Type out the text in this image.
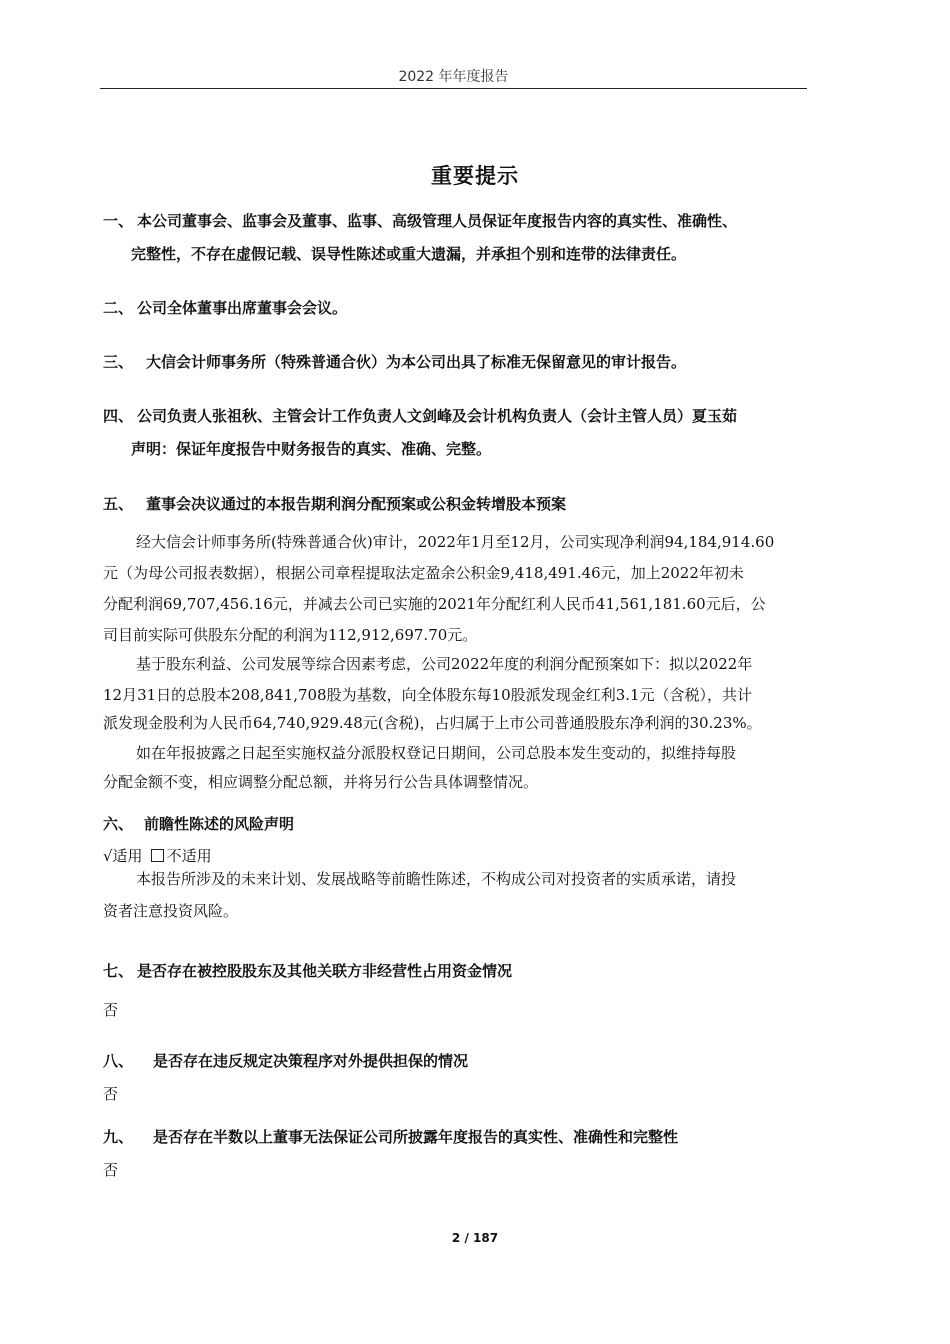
2022 年年度报告
重要提示
一、 本公司董事会、监事会及董事、监事、高级管理人员保证年度报告内容的真实性、准确性、
完整性，不存在虚假记载、误导性陈述或重大遗漏，并承担个别和连带的法律责任。
二、 公司全体董事出席董事会会议。
三、 大信会计师事务所（特殊普通合伙）为本公司出具了标准无保留意见的审计报告。
四、 公司负责人张祖秋、主管会计工作负责人文剑峰及会计机构负责人（会计主管人员）夏玉茹
声明：保证年度报告中财务报告的真实、准确、完整。
五、 董事会决议通过的本报告期利润分配预案或公积金转增股本预案
经大信会计师事务所(特殊普通合伙)审计，2022年1月至12月，公司实现净利润94,184,914.60
元（为母公司报表数据），根据公司章程提取法定盈余公积金9,418,491.46元，加上2022年初未
分配利润69,707,456.16元，并减去公司已实施的2021年分配红利人民币41,561,181.60元后，公
司目前实际可供股东分配的利润为112,912,697.70元。
基于股东利益、公司发展等综合因素考虑，公司2022年度的利润分配预案如下：拟以2022年
12月31日的总股本208,841,708股为基数，向全体股东每10股派发现金红利3.1元（含税），共计
派发现金股利为人民币64,740,929.48元(含税)，占归属于上市公司普通股股东净利润的30.23%。
如在年报披露之日起至实施权益分派股权登记日期间，公司总股本发生变动的，拟维持每股
分配金额不变，相应调整分配总额，并将另行公告具体调整情况。
六、 前瞻性陈述的风险声明
√适用 不适用
本报告所涉及的未来计划、发展战略等前瞻性陈述，不构成公司对投资者的实质承诺，请投
资者注意投资风险。
七、 是否存在被控股股东及其他关联方非经营性占用资金情况
否
八、 是否存在违反规定决策程序对外提供担保的情况
否
九、 是否存在半数以上董事无法保证公司所披露年度报告的真实性、准确性和完整性
否
2 / 187
